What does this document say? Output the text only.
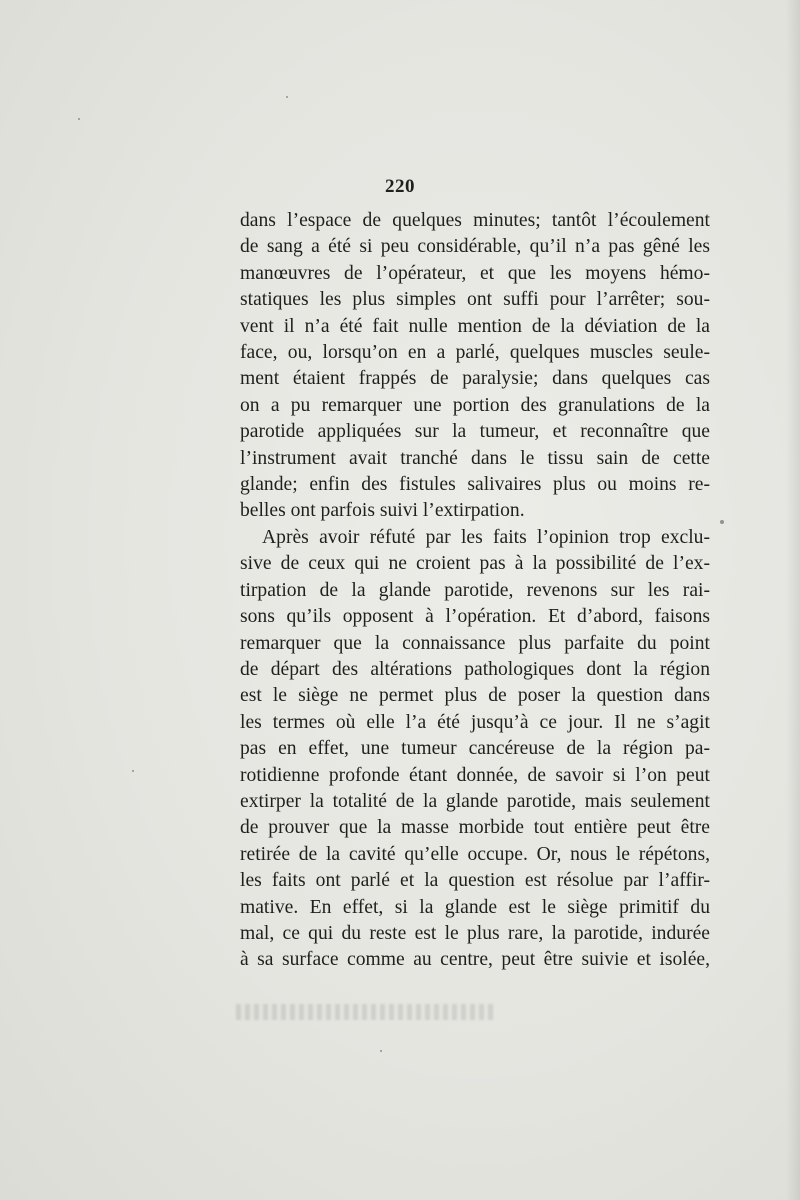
220
dans l’espace de quelques minutes; tantôt l’écoulement
de sang a été si peu considérable, qu’il n’a pas gêné les
manœuvres de l’opérateur, et que les moyens hémo-
statiques les plus simples ont suffi pour l’arrêter; sou-
vent il n’a été fait nulle mention de la déviation de la
face, ou, lorsqu’on en a parlé, quelques muscles seule-
ment étaient frappés de paralysie; dans quelques cas
on a pu remarquer une portion des granulations de la
parotide appliquées sur la tumeur, et reconnaître que
l’instrument avait tranché dans le tissu sain de cette
glande; enfin des fistules salivaires plus ou moins re-
belles ont parfois suivi l’extirpation.
Après avoir réfuté par les faits l’opinion trop exclu-
sive de ceux qui ne croient pas à la possibilité de l’ex-
tirpation de la glande parotide, revenons sur les rai-
sons qu’ils opposent à l’opération. Et d’abord, faisons
remarquer que la connaissance plus parfaite du point
de départ des altérations pathologiques dont la région
est le siège ne permet plus de poser la question dans
les termes où elle l’a été jusqu’à ce jour. Il ne s’agit
pas en effet, une tumeur cancéreuse de la région pa-
rotidienne profonde étant donnée, de savoir si l’on peut
extirper la totalité de la glande parotide, mais seulement
de prouver que la masse morbide tout entière peut être
retirée de la cavité qu’elle occupe. Or, nous le répétons,
les faits ont parlé et la question est résolue par l’affir-
mative. En effet, si la glande est le siège primitif du
mal, ce qui du reste est le plus rare, la parotide, indurée
à sa surface comme au centre, peut être suivie et isolée,
